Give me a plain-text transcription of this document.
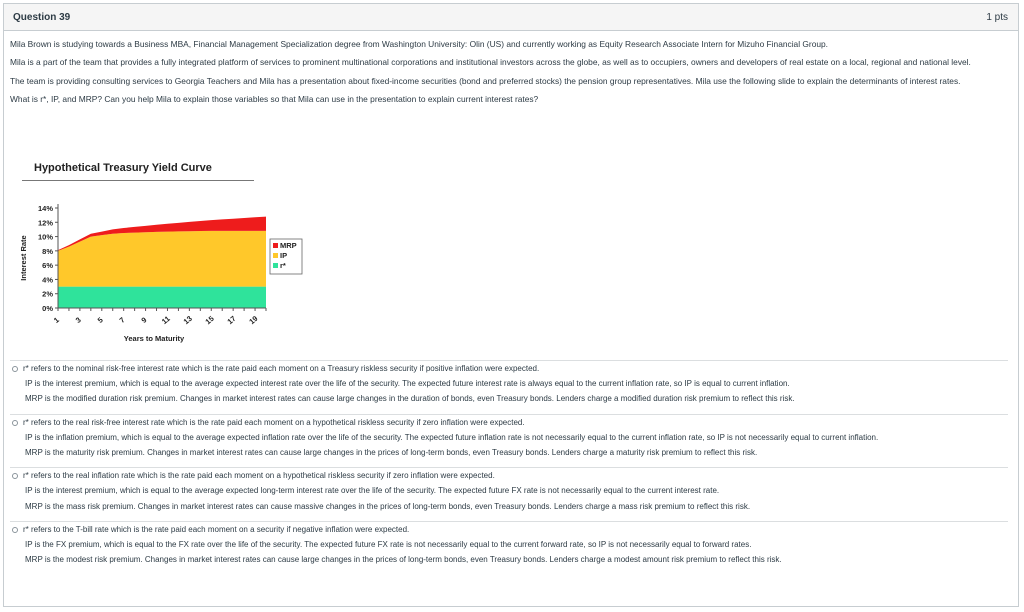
Question 39	1 pts

Mila Brown is studying towards a Business MBA, Financial Management Specialization degree from Washington University: Olin (US) and currently working as Equity Research Associate Intern for Mizuho Financial Group.

Mila is a part of the team that provides a fully integrated platform of services to prominent multinational corporations and institutional investors across the globe, as well as to occupiers, owners and developers of real estate on a local, regional and national level.

The team is providing consulting services to Georgia Teachers and Mila has a presentation about fixed-income securities (bond and preferred stocks) the pension group representatives. Mila use the following slide to explain the determinants of interest rates.

What is r*, IP, and MRP? Can you help Mila to explain those variables so that Mila can use in the presentation to explain current interest rates?

Hypothetical Treasury Yield Curve
0%
2%
4%
6%
8%
10%
12%
14%
1 3 5 7 9 11 13 15 17 19
Years to Maturity
Interest Rate	MRP
IP
r*
r* refers to the nominal risk-free interest rate which is the rate paid each moment on a Treasury riskless security if positive inflation were expected.
IP is the interest premium, which is equal to the average expected interest rate over the life of the security. The expected future interest rate is always equal to the current inflation rate, so IP is equal to current inflation.
MRP is the modified duration risk premium. Changes in market interest rates can cause large changes in the duration of bonds, even Treasury bonds. Lenders charge a modified duration risk premium to reflect this risk.
r* refers to the real risk-free interest rate which is the rate paid each moment on a hypothetical riskless security if zero inflation were expected.
IP is the inflation premium, which is equal to the average expected inflation rate over the life of the security. The expected future inflation rate is not necessarily equal to the current inflation rate, so IP is not necessarily equal to current inflation.
MRP is the maturity risk premium. Changes in market interest rates can cause large changes in the prices of long-term bonds, even Treasury bonds. Lenders charge a maturity risk premium to reflect this risk.
r* refers to the real inflation rate which is the rate paid each moment on a hypothetical riskless security if zero inflation were expected.
IP is the interest premium, which is equal to the average expected long-term interest rate over the life of the security. The expected future FX rate is not necessarily equal to the current interest rate.
MRP is the mass risk premium. Changes in market interest rates can cause massive changes in the prices of long-term bonds, even Treasury bonds. Lenders charge a mass risk premium to reflect this risk.
r* refers to the T-bill rate which is the rate paid each moment on a security if negative inflation were expected.
IP is the FX premium, which is equal to the FX rate over the life of the security. The expected future FX rate is not necessarily equal to the current forward rate, so IP is not necessarily equal to forward rates.
MRP is the modest risk premium. Changes in market interest rates can cause large changes in the prices of long-term bonds, even Treasury bonds. Lenders charge a modest amount risk premium to reflect this risk.
